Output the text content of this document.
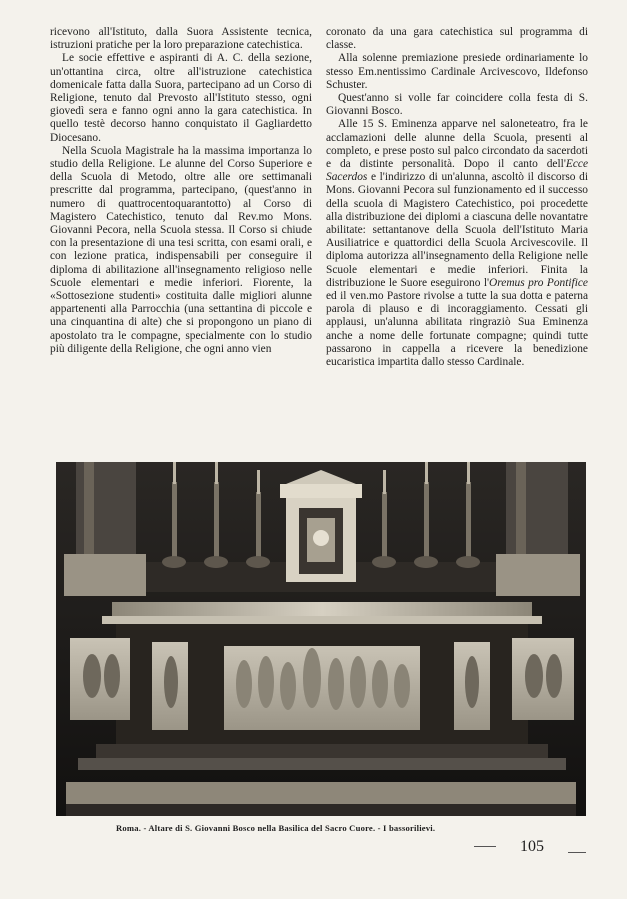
ricevono all'Istituto, dalla Suora Assistente tecnica, istruzioni pratiche per la loro preparazione catechistica.

Le socie effettive e aspiranti di A. C. della sezione, un'ottantina circa, oltre all'istruzione catechistica domenicale fatta dalla Suora, partecipano ad un Corso di Religione, tenuto dal Prevosto all'Istituto stesso, ogni giovedì sera e fanno ogni anno la gara catechistica. In quello testè decorso hanno conquistato il Gagliardetto Diocesano.

Nella Scuola Magistrale ha la massima importanza lo studio della Religione. Le alunne del Corso Superiore e della Scuola di Metodo, oltre alle ore settimanali prescritte dal programma, partecipano, (quest'anno in numero di quattrocentoquarantotto) al Corso di Magistero Catechistico, tenuto dal Rev.mo Mons. Giovanni Pecora, nella Scuola stessa. Il Corso si chiude con la presentazione di una tesi scritta, con esami orali, e con lezione pratica, indispensabili per conseguire il diploma di abilitazione all'insegnamento religioso nelle Scuole elementari e medie inferiori. Fiorente, la «Sottosezione studenti» costituita dalle migliori alunne appartenenti alla Parrocchia (una settantina di piccole e una cinquantina di alte) che si propongono un piano di apostolato tra le compagne, specialmente con lo studio più diligente della Religione, che ogni anno vien

coronato da una gara catechistica sul programma di classe.

Alla solenne premiazione presiede ordinariamente lo stesso Em.nentissimo Cardinale Arcivescovo, Ildefonso Schuster.

Quest'anno si volle far coincidere colla festa di S. Giovanni Bosco.

Alle 15 S. Eminenza apparve nel saloneteatro, fra le acclamazioni delle alunne della Scuola, presenti al completo, e prese posto sul palco circondato da sacerdoti e da distinte personalità. Dopo il canto dell'Ecce Sacerdos e l'indirizzo di un'alunna, ascoltò il discorso di Mons. Giovanni Pecora sul funzionamento ed il successo della scuola di Magistero Catechistico, poi procedette alla distribuzione dei diplomi a ciascuna delle novantatre abilitate: settantanove della Scuola dell'Istituto Maria Ausiliatrice e quattordici della Scuola Arcivescovile. Il diploma autorizza all'insegnamento della Religione nelle Scuole elementari e medie inferiori. Finita la distribuzione le Suore eseguirono l'Oremus pro Pontifice ed il ven.mo Pastore rivolse a tutte la sua dotta e paterna parola di plauso e di incoraggiamento. Cessati gli applausi, un'alunna abilitata ringraziò Sua Eminenza anche a nome delle fortunate compagne; quindi tutte passarono in cappella a ricevere la benedizione eucaristica impartita dallo stesso Cardinale.

Roma. - Altare di S. Giovanni Bosco nella Basilica del Sacro Cuore. - I bassorilievi.
105
